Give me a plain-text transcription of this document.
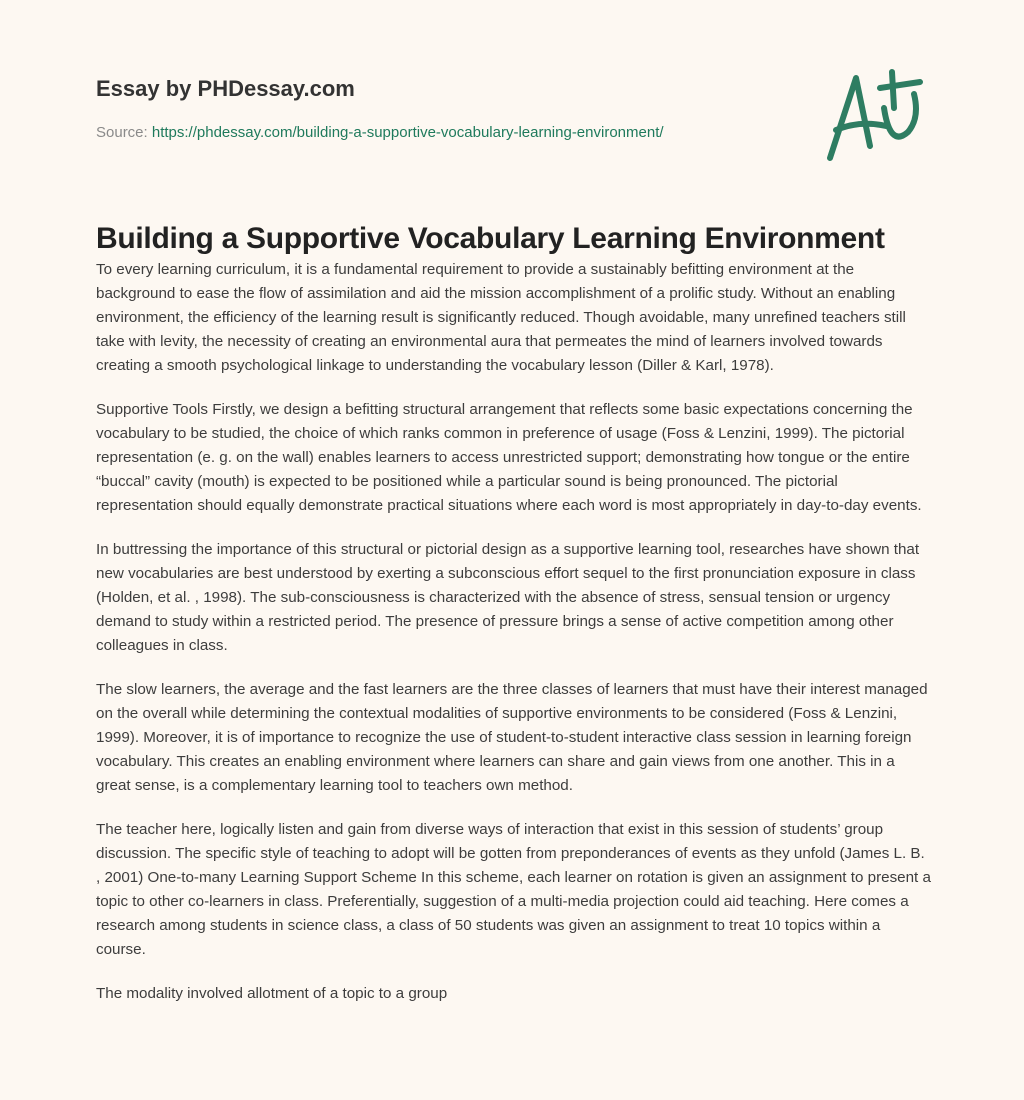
Essay by PHDessay.com
Source: https://phdessay.com/building-a-supportive-vocabulary-learning-environment/
Building a Supportive Vocabulary Learning Environment

To every learning curriculum, it is a fundamental requirement to provide a sustainably befitting environment at the background to ease the flow of assimilation and aid the mission accomplishment of a prolific study. Without an enabling environment, the efficiency of the learning result is significantly reduced. Though avoidable, many unrefined teachers still take with levity, the necessity of creating an environmental aura that permeates the mind of learners involved towards creating a smooth psychological linkage to understanding the vocabulary lesson (Diller & Karl, 1978).

Supportive Tools Firstly, we design a befitting structural arrangement that reflects some basic expectations concerning the vocabulary to be studied, the choice of which ranks common in preference of usage (Foss & Lenzini, 1999). The pictorial representation (e. g. on the wall) enables learners to access unrestricted support; demonstrating how tongue or the entire “buccal” cavity (mouth) is expected to be positioned while a particular sound is being pronounced. The pictorial representation should equally demonstrate practical situations where each word is most appropriately in day-to-day events.

In buttressing the importance of this structural or pictorial design as a supportive learning tool, researches have shown that new vocabularies are best understood by exerting a subconscious effort sequel to the first pronunciation exposure in class (Holden, et al. , 1998). The sub-consciousness is characterized with the absence of stress, sensual tension or urgency demand to study within a restricted period. The presence of pressure brings a sense of active competition among other colleagues in class.

The slow learners, the average and the fast learners are the three classes of learners that must have their interest managed on the overall while determining the contextual modalities of supportive environments to be considered (Foss & Lenzini, 1999). Moreover, it is of importance to recognize the use of student-to-student interactive class session in learning foreign vocabulary. This creates an enabling environment where learners can share and gain views from one another. This in a great sense, is a complementary learning tool to teachers own method.

The teacher here, logically listen and gain from diverse ways of interaction that exist in this session of students’ group discussion. The specific style of teaching to adopt will be gotten from preponderances of events as they unfold (James L. B. , 2001) One-to-many Learning Support Scheme In this scheme, each learner on rotation is given an assignment to present a topic to other co-learners in class. Preferentially, suggestion of a multi-media projection could aid teaching. Here comes a research among students in science class, a class of 50 students was given an assignment to treat 10 topics within a course.

The modality involved allotment of a topic to a group
